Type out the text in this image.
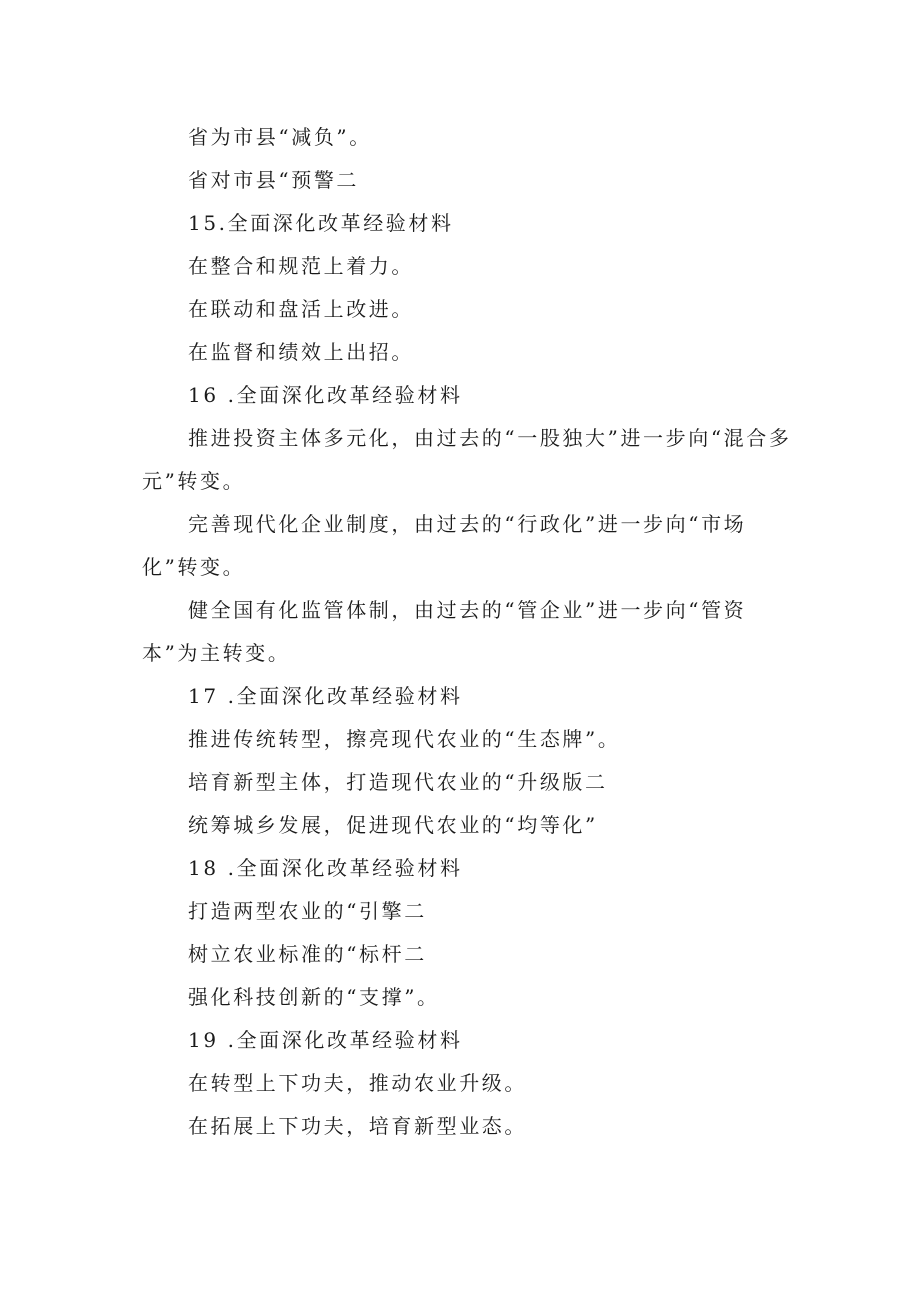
省为市县“减负”。

省对市县“预警二

15.全面深化改革经验材料

在整合和规范上着力。

在联动和盘活上改进。

在监督和绩效上出招。

16 .全面深化改革经验材料

推进投资主体多元化，由过去的“一股独大”进一步向“混合多元”转变。

完善现代化企业制度，由过去的“行政化”进一步向“市场化”转变。

健全国有化监管体制，由过去的“管企业”进一步向“管资本”为主转变。

17 .全面深化改革经验材料

推进传统转型，擦亮现代农业的“生态牌”。

培育新型主体，打造现代农业的“升级版二

统筹城乡发展，促进现代农业的“均等化”

18 .全面深化改革经验材料

打造两型农业的“引擎二

树立农业标准的“标杆二

强化科技创新的“支撑”。

19 .全面深化改革经验材料

在转型上下功夫，推动农业升级。

在拓展上下功夫，培育新型业态。
